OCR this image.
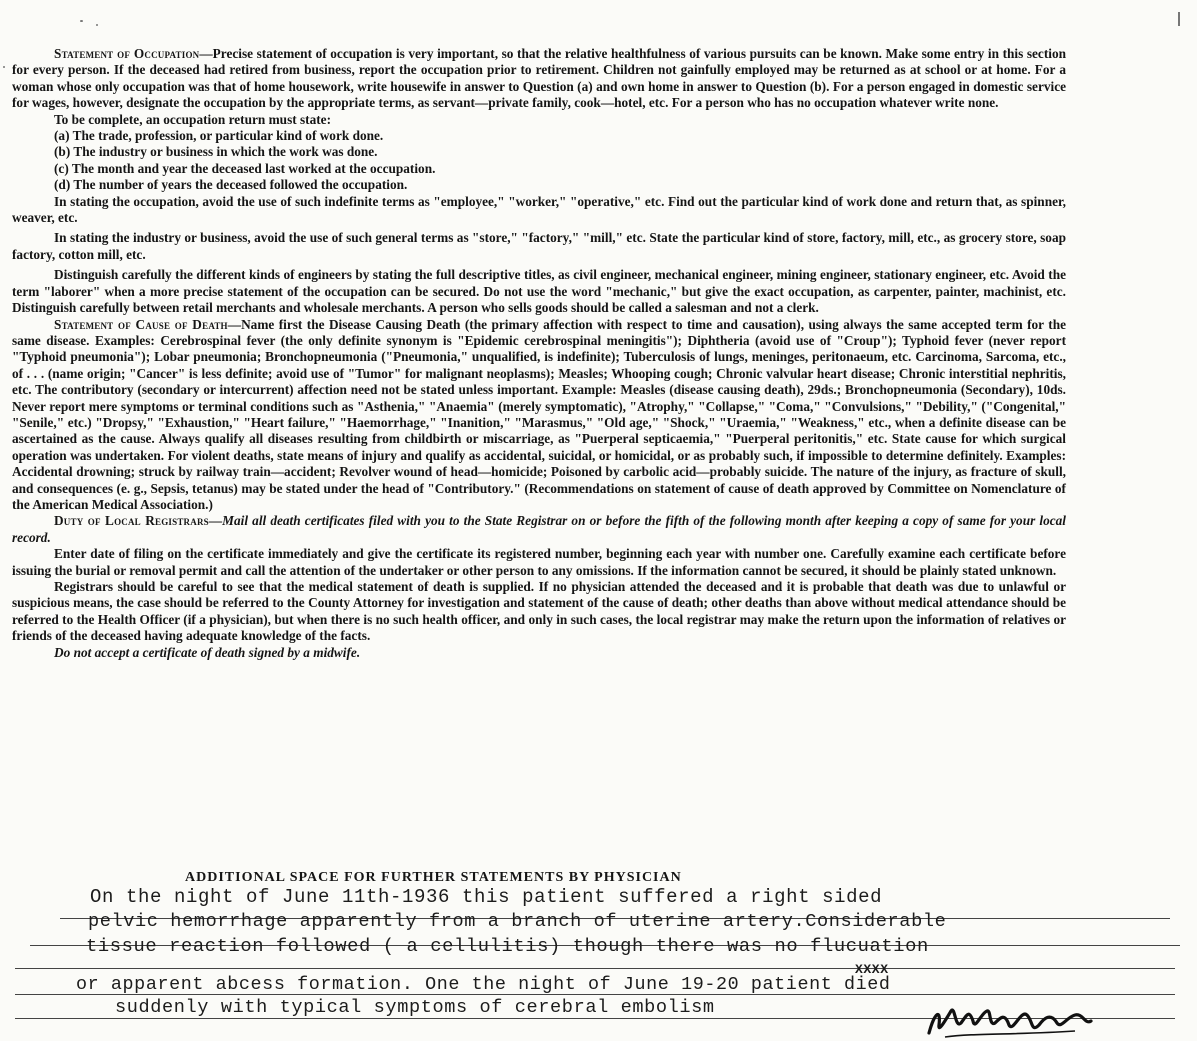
Statement of Occupation—Precise statement of occupation is very important, so that the relative healthfulness of various pursuits can be known. Make some entry in this section for every person. If the deceased had retired from business, report the occupation prior to retirement. Children not gainfully employed may be returned as at school or at home. For a woman whose only occupation was that of home housework, write housewife in answer to Question (a) and own home in answer to Question (b). For a person engaged in domestic service for wages, however, designate the occupation by the appropriate terms, as servant—private family, cook—hotel, etc. For a person who has no occupation whatever write none.

To be complete, an occupation return must state:

(a) The trade, profession, or particular kind of work done.
(b) The industry or business in which the work was done.
(c) The month and year the deceased last worked at the occupation.
(d) The number of years the deceased followed the occupation.

In stating the occupation, avoid the use of such indefinite terms as "employee," "worker," "operative," etc. Find out the particular kind of work done and return that, as spinner, weaver, etc.

In stating the industry or business, avoid the use of such general terms as "store," "factory," "mill," etc. State the particular kind of store, factory, mill, etc., as grocery store, soap factory, cotton mill, etc.

Distinguish carefully the different kinds of engineers by stating the full descriptive titles, as civil engineer, mechanical engineer, mining engineer, stationary engineer, etc. Avoid the term "laborer" when a more precise statement of the occupation can be secured. Do not use the word "mechanic," but give the exact occupation, as carpenter, painter, machinist, etc. Distinguish carefully between retail merchants and wholesale merchants. A person who sells goods should be called a salesman and not a clerk.

Statement of Cause of Death—Name first the Disease Causing Death (the primary affection with respect to time and causation), using always the same accepted term for the same disease. Examples: Cerebrospinal fever (the only definite synonym is "Epidemic cerebrospinal meningitis"); Diphtheria (avoid use of "Croup"); Typhoid fever (never report "Typhoid pneumonia"); Lobar pneumonia; Bronchopneumonia ("Pneumonia," unqualified, is indefinite); Tuberculosis of lungs, meninges, peritonaeum, etc. Carcinoma, Sarcoma, etc., of . . . (name origin; "Cancer" is less definite; avoid use of "Tumor" for malignant neoplasms); Measles; Whooping cough; Chronic valvular heart disease; Chronic interstitial nephritis, etc. The contributory (secondary or intercurrent) affection need not be stated unless important. Example: Measles (disease causing death), 29ds.; Bronchopneumonia (Secondary), 10ds. Never report mere symptoms or terminal conditions such as "Asthenia," "Anaemia" (merely symptomatic), "Atrophy," "Collapse," "Coma," "Convulsions," "Debility," ("Congenital," "Senile," etc.) "Dropsy," "Exhaustion," "Heart failure," "Haemorrhage," "Inanition," "Marasmus," "Old age," "Shock," "Uraemia," "Weakness," etc., when a definite disease can be ascertained as the cause. Always qualify all diseases resulting from childbirth or miscarriage, as "Puerperal septicaemia," "Puerperal peritonitis," etc. State cause for which surgical operation was undertaken. For violent deaths, state means of injury and qualify as accidental, suicidal, or homicidal, or as probably such, if impossible to determine definitely. Examples: Accidental drowning; struck by railway train—accident; Revolver wound of head—homicide; Poisoned by carbolic acid—probably suicide. The nature of the injury, as fracture of skull, and consequences (e. g., Sepsis, tetanus) may be stated under the head of "Contributory." (Recommendations on statement of cause of death approved by Committee on Nomenclature of the American Medical Association.)

Duty of Local Registrars—Mail all death certificates filed with you to the State Registrar on or before the fifth of the following month after keeping a copy of same for your local record.

Enter date of filing on the certificate immediately and give the certificate its registered number, beginning each year with number one. Carefully examine each certificate before issuing the burial or removal permit and call the attention of the undertaker or other person to any omissions. If the information cannot be secured, it should be plainly stated unknown.

Registrars should be careful to see that the medical statement of death is supplied. If no physician attended the deceased and it is probable that death was due to unlawful or suspicious means, the case should be referred to the County Attorney for investigation and statement of the cause of death; other deaths than above without medical attendance should be referred to the Health Officer (if a physician), but when there is no such health officer, and only in such cases, the local registrar may make the return upon the information of relatives or friends of the deceased having adequate knowledge of the facts.

Do not accept a certificate of death signed by a midwife.

ADDITIONAL SPACE FOR FURTHER STATEMENTS BY PHYSICIAN
On the night of June 11th-1936 this patient suffered a right sided
pelvic hemorrhage apparently from a branch of uterine artery.Considerable
tissue reaction followed ( a cellulitis) though there was no flucuation
XXXX
or apparent abcess formation. One the night of June 19-20 patient died
suddenly with typical symptoms of cerebral embolism
